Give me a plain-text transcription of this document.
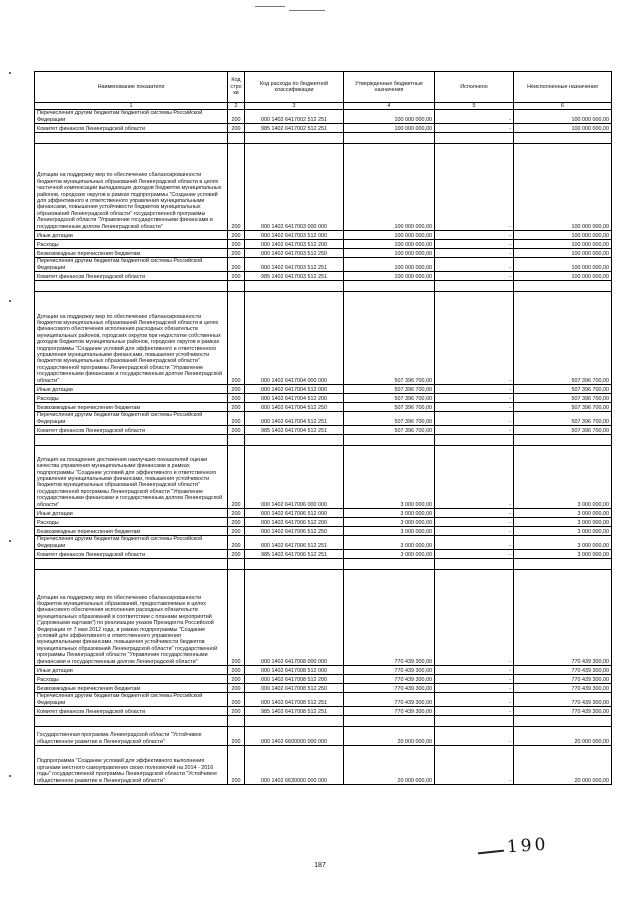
Наименование показателя	Код стро ки	Код расхода по бюджетной классификации	Утвержденные бюджетные назначения	Исполнено	Неисполненные назначения
1	2	3	4	5	6
Перечисления другим бюджетам бюджетной системы Российской Федерации	200	000 1402 6417002 512 251	100 000 000,00	-	100 000 000,00
Комитет финансов Ленинградской области	200	985 1402 6417002 512 251	100 000 000,00	-	100 000 000,00

Дотации на поддержку мер по обеспечению сбалансированности бюджетов муниципальных образований Ленинградской области в целях частичной компенсации выпадающих доходов бюджетов муниципальных районов, городских округов в рамках подпрограммы "Создание условий для эффективного и ответственного управления муниципальными финансами, повышения устойчивости бюджетов муниципальных образований Ленинградской области" государственной программы Ленинградской области "Управление государственными финансами и государственным долгом Ленинградской области"	200	000 1402 6417003 000 000	100 000 000,00	-	100 000 000,00
Иные дотации	200	000 1402 6417003 512 000	100 000 000,00	-	100 000 000,00
Расходы	200	000 1402 6417003 512 200	100 000 000,00	-	100 000 000,00
Безвозмездные перечисления бюджетам	200	000 1402 6417003 512 250	100 000 000,00	-	100 000 000,00
Перечисления другим бюджетам бюджетной системы Российской Федерации	200	000 1402 6417003 512 251	100 000 000,00	-	100 000 000,00
Комитет финансов Ленинградской области	200	985 1402 6417003 512 251	100 000 000,00	-	100 000 000,00

Дотации на поддержку мер по обеспечению сбалансированности бюджетов муниципальных образований Ленинградской области в целях финансового обеспечения исполнения расходных обязательств муниципальных районов, городских округов при недостатке собственных доходов бюджетов муниципальных районов, городских округов в рамках подпрограммы "Создание условий для эффективного и ответственного управления муниципальными финансами, повышения устойчивости бюджетов муниципальных образований Ленинградской области" государственной программы Ленинградской области "Управление государственными финансами и государственным долгом Ленинградской области"	200	000 1402 6417004 000 000	507 396 700,00	-	507 396 700,00
Иные дотации	200	000 1402 6417004 512 000	507 396 700,00	-	507 396 700,00
Расходы	200	000 1402 6417004 512 200	507 396 700,00	-	507 396 700,00
Безвозмездные перечисления бюджетам	200	000 1402 6417004 512 250	507 396 700,00	-	507 396 700,00
Перечисления другим бюджетам бюджетной системы Российской Федерации	200	000 1402 6417004 512 251	507 396 700,00	-	507 396 700,00
Комитет финансов Ленинградской области	200	985 1402 6417004 512 251	507 396 700,00	-	507 396 700,00

Дотация на поощрение достижения наилучших показателей оценки качества управления муниципальными финансами в рамках подпрограммы "Создание условий для эффективного и ответственного управления муниципальными финансами, повышения устойчивости бюджетов муниципальных образований Ленинградской области" государственной программы Ленинградской области "Управление государственными финансами и государственным долгом Ленинградской области"	200	000 1402 6417006 000 000	3 000 000,00	-	3 000 000,00
Иные дотации	200	000 1402 6417006 512 000	3 000 000,00	-	3 000 000,00
Расходы	200	000 1402 6417006 512 200	3 000 000,00	-	3 000 000,00
Безвозмездные перечисления бюджетам	200	000 1402 6417006 512 250	3 000 000,00	-	3 000 000,00
Перечисления другим бюджетам бюджетной системы Российской Федерации	200	000 1402 6417006 512 251	3 000 000,00	-	3 000 000,00
Комитет финансов Ленинградской области	200	985 1402 6417006 512 251	3 000 000,00	-	3 000 000,00

Дотации на поддержку мер по обеспечению сбалансированности бюджетов муниципальных образований, предоставляемые в целях финансового обеспечения исполнения расходных обязательств муниципальных образований в соответствии с планами мероприятий ("дорожными картами") по реализации указов Президента Российской Федерации от 7 мая 2012 года, в рамках подпрограммы "Создание условий для эффективного и ответственного управления муниципальными финансами, повышения устойчивости бюджетов муниципальных образований Ленинградской области" государственной программы Ленинградской области "Управление государственными финансами и государственным долгом Ленинградской области"	200	000 1402 6417008 000 000	770 439 300,00	-	770 439 300,00
Иные дотации	200	000 1402 6417008 512 000	770 439 300,00	-	770 439 300,00
Расходы	200	000 1402 6417008 512 200	770 439 300,00	-	770 439 300,00
Безвозмездные перечисления бюджетам	200	000 1402 6417008 512 250	770 439 300,00	-	770 439 300,00
Перечисления другим бюджетам бюджетной системы Российской Федерации	200	000 1402 6417008 512 251	770 439 300,00	-	770 439 300,00
Комитет финансов Ленинградской области	200	985 1402 6417008 512 251	770 439 300,00	-	770 439 300,00

Государственная программа Ленинградской области "Устойчивое общественное развитие в Ленинградской области"	200	000 1402 6600000 000 000	20 000 000,00	-	20 000 000,00
Подпрограмма "Создание условий для эффективного выполнения органами местного самоуправления своих полномочий на 2014 - 2016 годы" государственной программы Ленинградской области "Устойчивое общественное развитие в Ленинградской области"	200	000 1402 6630000 000 000	20 000 000,00	-	20 000 000,00
190
187
